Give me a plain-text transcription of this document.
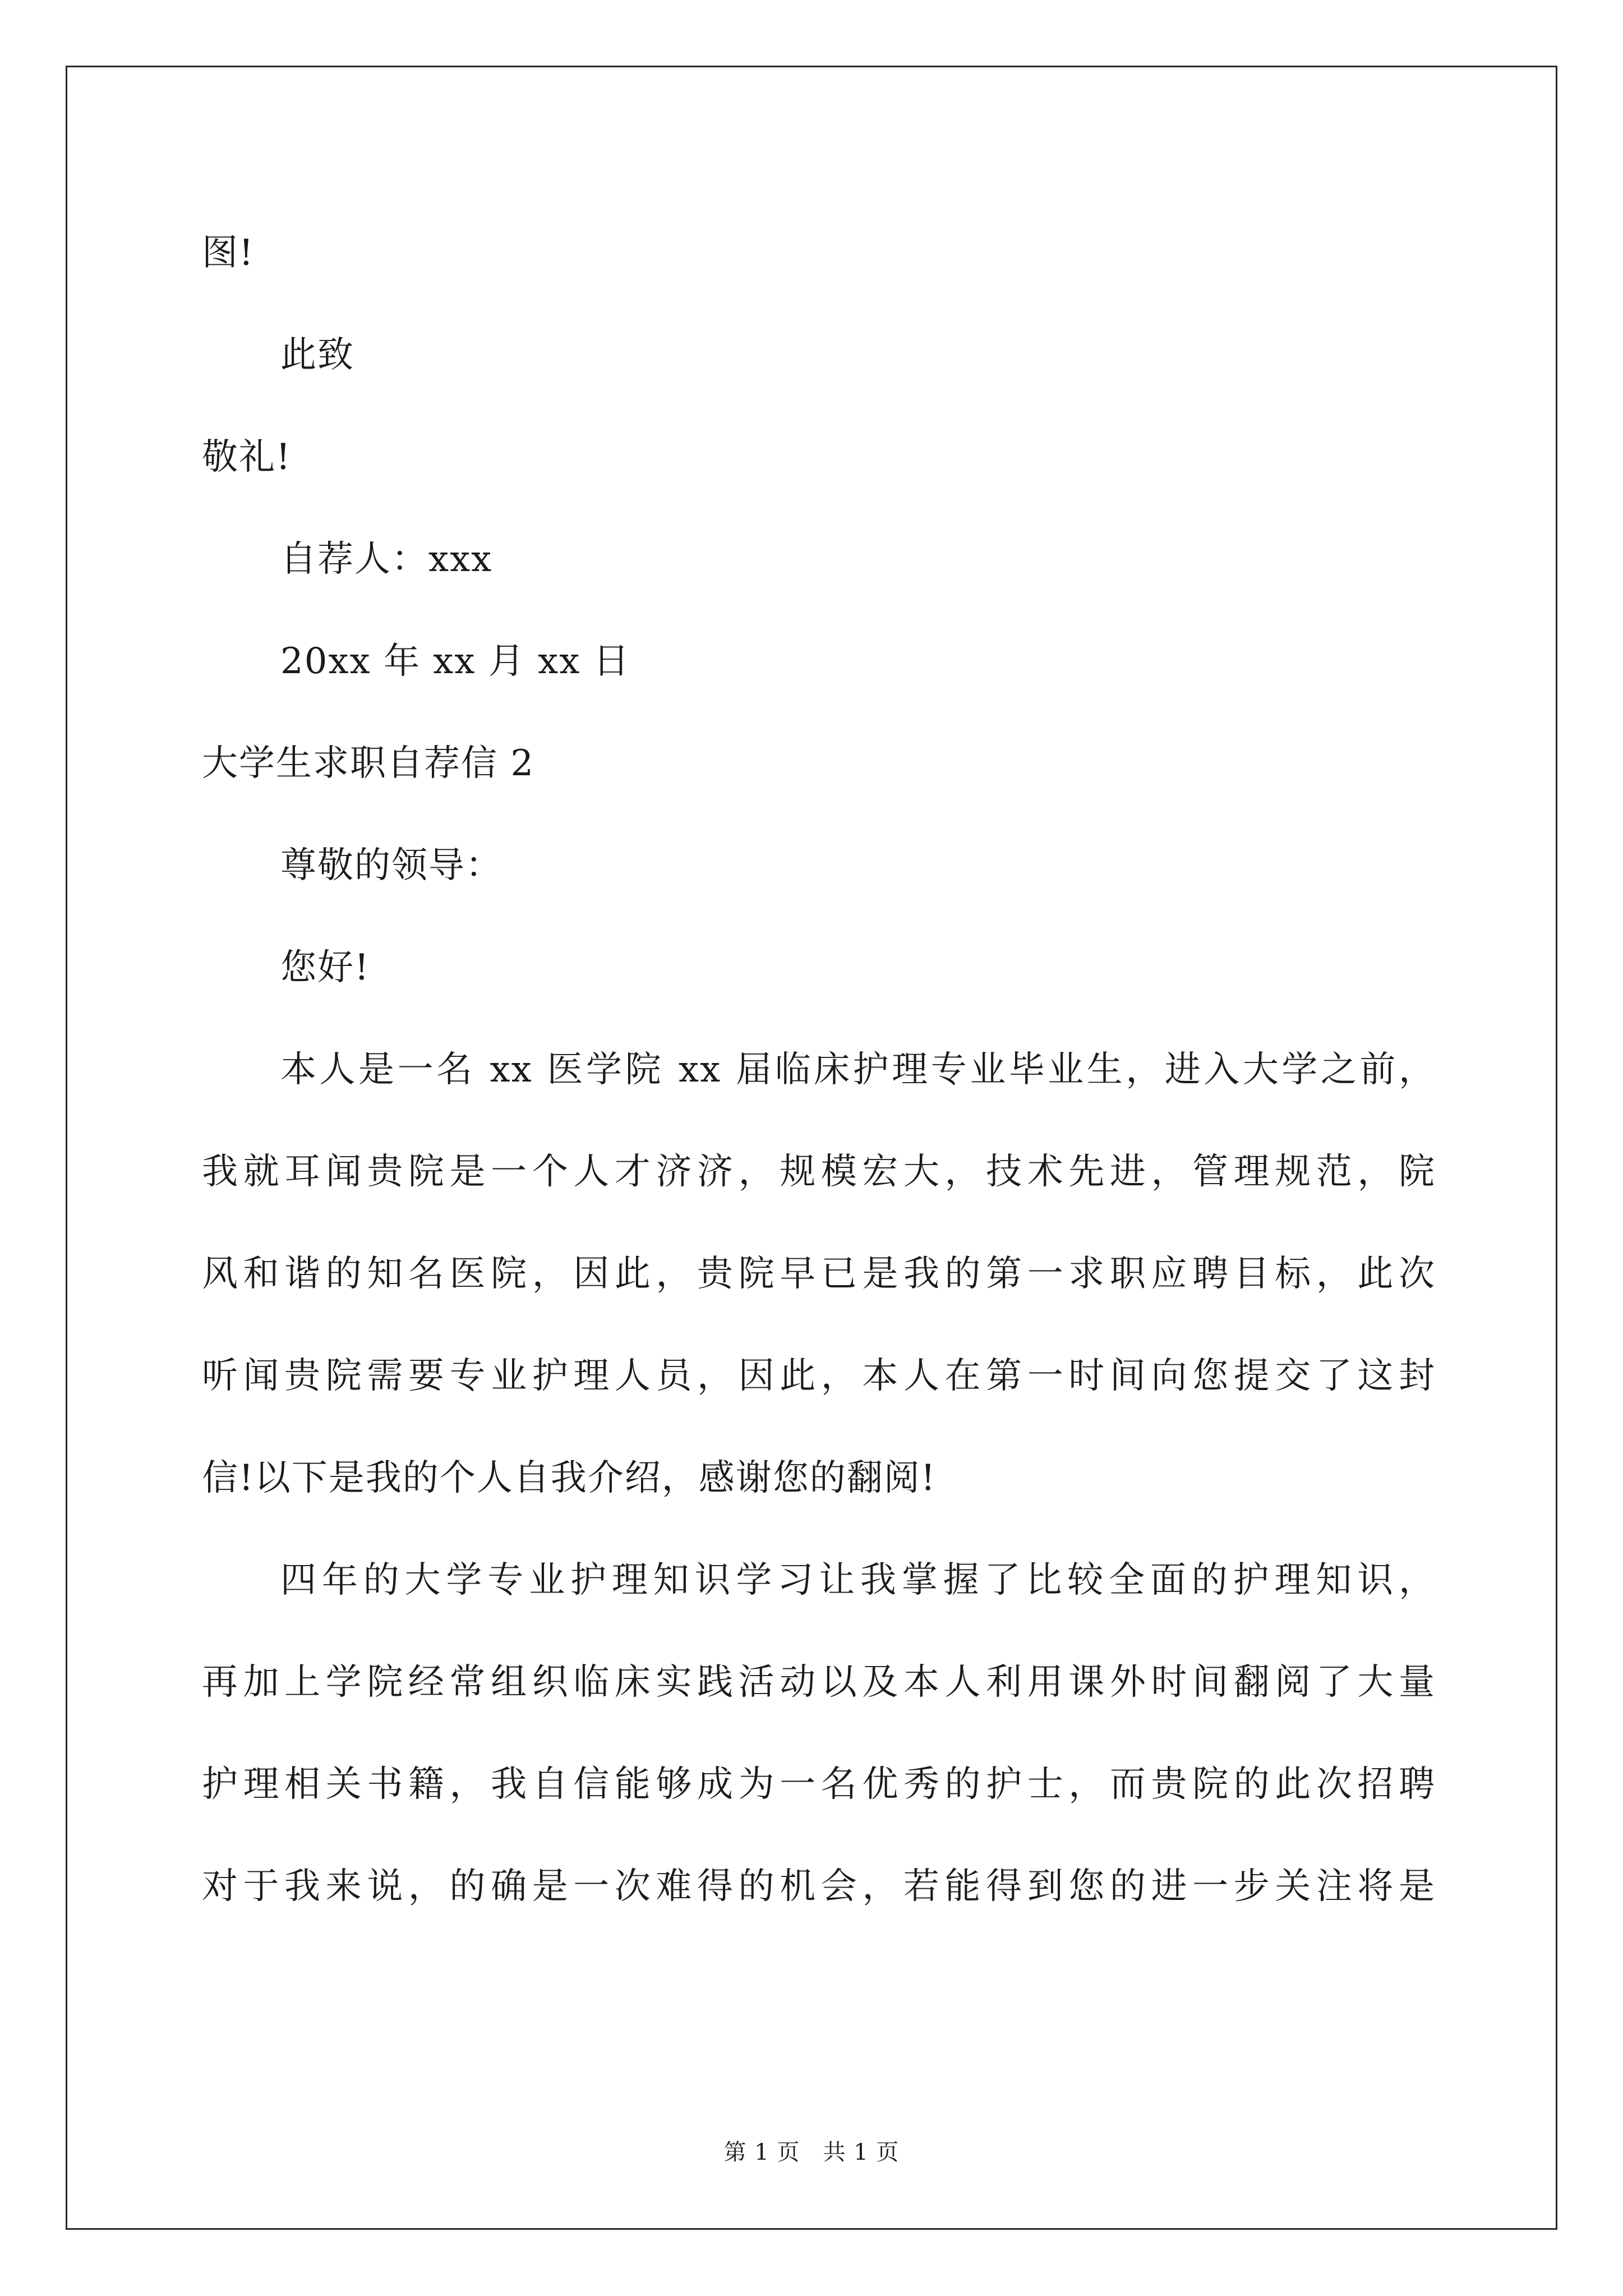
图!
此致
敬礼!
自荐人：xxx
20xx 年 xx 月 xx 日
大学生求职自荐信 2
尊敬的领导：
您好!
本人是一名 xx 医学院 xx 届临床护理专业毕业生，进入大学之前，
我就耳闻贵院是一个人才济济，规模宏大，技术先进，管理规范，院
风和谐的知名医院，因此，贵院早已是我的第一求职应聘目标，此次
听闻贵院需要专业护理人员，因此，本人在第一时间向您提交了这封
信!以下是我的个人自我介绍，感谢您的翻阅!
四年的大学专业护理知识学习让我掌握了比较全面的护理知识，
再加上学院经常组织临床实践活动以及本人利用课外时间翻阅了大量
护理相关书籍，我自信能够成为一名优秀的护士，而贵院的此次招聘
对于我来说，的确是一次难得的机会，若能得到您的进一步关注将是
第 1 页　共 1 页
